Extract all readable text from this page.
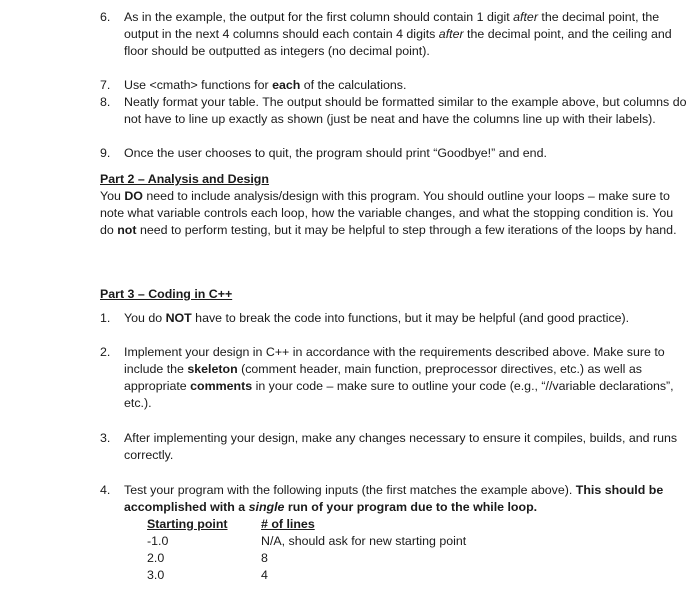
6. As in the example, the output for the first column should contain 1 digit after the decimal point, the output in the next 4 columns should each contain 4 digits after the decimal point, and the ceiling and floor should be outputted as integers (no decimal point).
7. Use <cmath> functions for each of the calculations.
8. Neatly format your table. The output should be formatted similar to the example above, but columns do not have to line up exactly as shown (just be neat and have the columns line up with their labels).
9. Once the user chooses to quit, the program should print “Goodbye!” and end.
Part 2 – Analysis and Design
You DO need to include analysis/design with this program. You should outline your loops – make sure to note what variable controls each loop, how the variable changes, and what the stopping condition is. You do not need to perform testing, but it may be helpful to step through a few iterations of the loops by hand.
Part 3 – Coding in C++
1. You do NOT have to break the code into functions, but it may be helpful (and good practice).
2. Implement your design in C++ in accordance with the requirements described above. Make sure to include the skeleton (comment header, main function, preprocessor directives, etc.) as well as appropriate comments in your code – make sure to outline your code (e.g., “//variable declarations”, etc.).
3. After implementing your design, make any changes necessary to ensure it compiles, builds, and runs correctly.
4. Test your program with the following inputs (the first matches the example above). This should be accomplished with a single run of your program due to the while loop.
Starting point	# of lines
-1.0	N/A, should ask for new starting point
2.0	8
3.0	4
